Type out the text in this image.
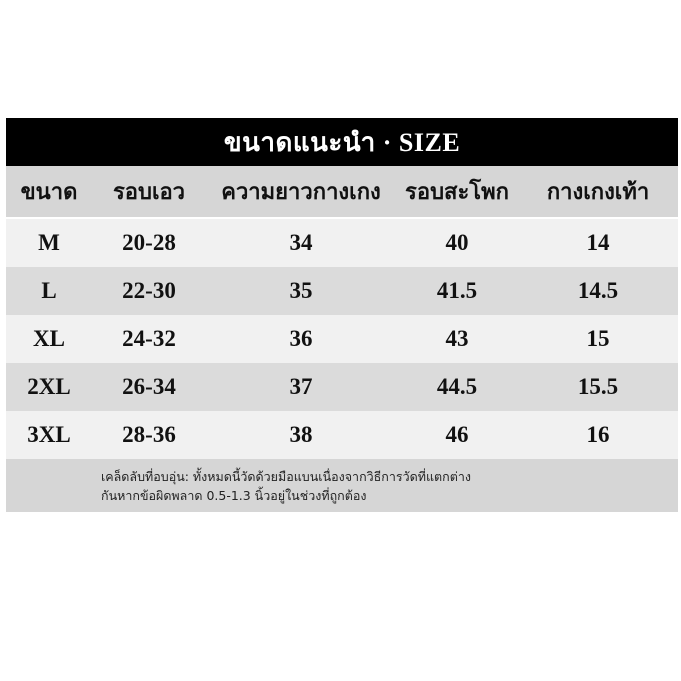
ขนาดแนะนำ · SIZE
ขนาด	รอบเอว	ความยาวกางเกง	รอบสะโพก	กางเกงเท้า
M	20-28	34	40	14
L	22-30	35	41.5	14.5
XL	24-32	36	43	15
2XL	26-34	37	44.5	15.5
3XL	28-36	38	46	16
เคล็ดลับที่อบอุ่น: ทั้งหมดนี้วัดด้วยมือแบนเนื่องจากวิธีการวัดที่แตกต่าง
กันหากข้อผิดพลาด 0.5-1.3 นิ้วอยู่ในช่วงที่ถูกต้อง
